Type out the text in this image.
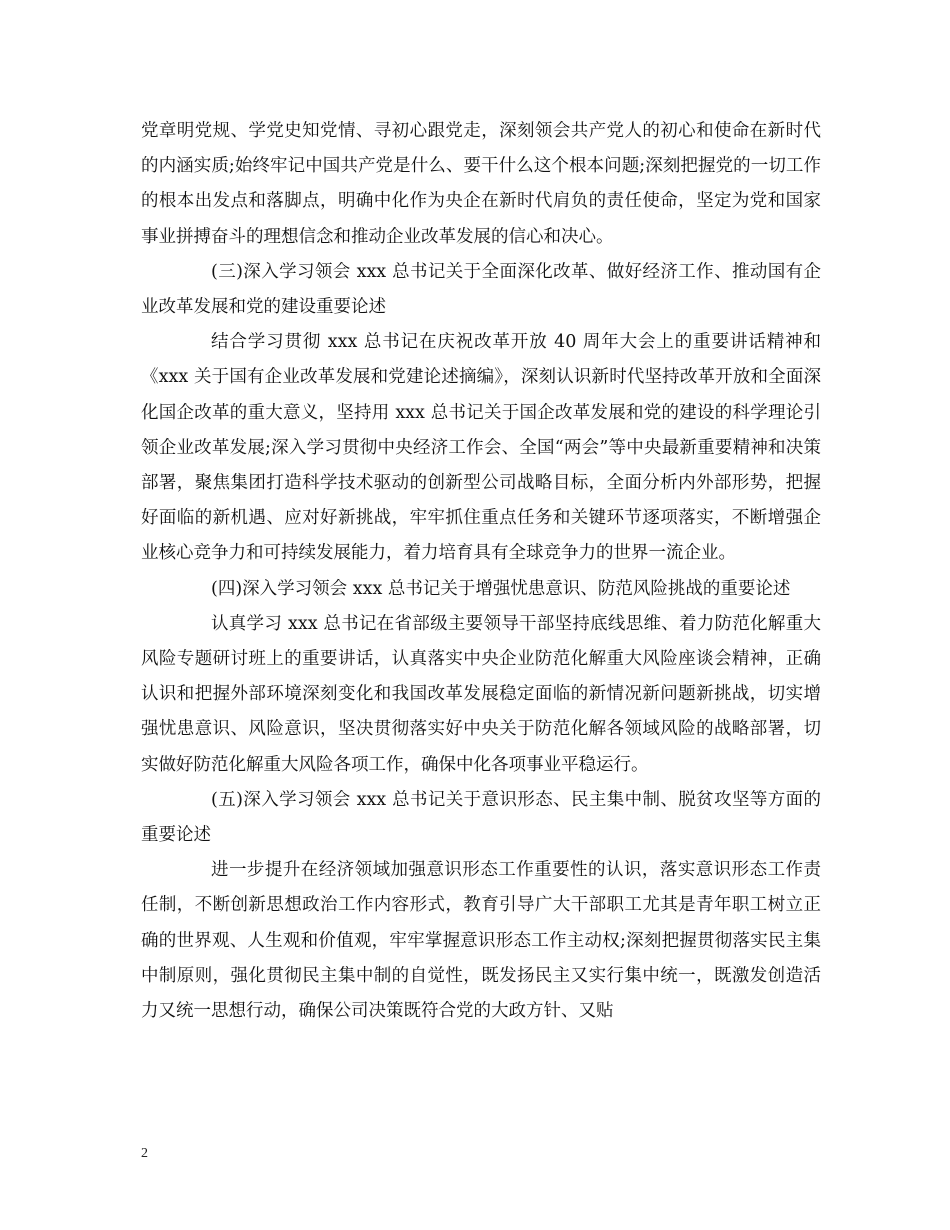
党章明党规、学党史知党情、寻初心跟党走，深刻领会共产党人的初心和使命在新时代的内涵实质;始终牢记中国共产党是什么、要干什么这个根本问题;深刻把握党的一切工作的根本出发点和落脚点，明确中化作为央企在新时代肩负的责任使命，坚定为党和国家事业拼搏奋斗的理想信念和推动企业改革发展的信心和决心。

(三)深入学习领会 xxx 总书记关于全面深化改革、做好经济工作、推动国有企业改革发展和党的建设重要论述

结合学习贯彻 xxx 总书记在庆祝改革开放 40 周年大会上的重要讲话精神和《xxx 关于国有企业改革发展和党建论述摘编》，深刻认识新时代坚持改革开放和全面深化国企改革的重大意义，坚持用 xxx 总书记关于国企改革发展和党的建设的科学理论引领企业改革发展;深入学习贯彻中央经济工作会、全国“两会”等中央最新重要精神和决策部署，聚焦集团打造科学技术驱动的创新型公司战略目标，全面分析内外部形势，把握好面临的新机遇、应对好新挑战，牢牢抓住重点任务和关键环节逐项落实，不断增强企业核心竞争力和可持续发展能力，着力培育具有全球竞争力的世界一流企业。

(四)深入学习领会 xxx 总书记关于增强忧患意识、防范风险挑战的重要论述

认真学习 xxx 总书记在省部级主要领导干部坚持底线思维、着力防范化解重大风险专题研讨班上的重要讲话，认真落实中央企业防范化解重大风险座谈会精神，正确认识和把握外部环境深刻变化和我国改革发展稳定面临的新情况新问题新挑战，切实增强忧患意识、风险意识，坚决贯彻落实好中央关于防范化解各领域风险的战略部署，切实做好防范化解重大风险各项工作，确保中化各项事业平稳运行。

(五)深入学习领会 xxx 总书记关于意识形态、民主集中制、脱贫攻坚等方面的重要论述

进一步提升在经济领域加强意识形态工作重要性的认识，落实意识形态工作责任制，不断创新思想政治工作内容形式，教育引导广大干部职工尤其是青年职工树立正确的世界观、人生观和价值观，牢牢掌握意识形态工作主动权;深刻把握贯彻落实民主集中制原则，强化贯彻民主集中制的自觉性，既发扬民主又实行集中统一，既激发创造活力又统一思想行动，确保公司决策既符合党的大政方针、又贴

2
